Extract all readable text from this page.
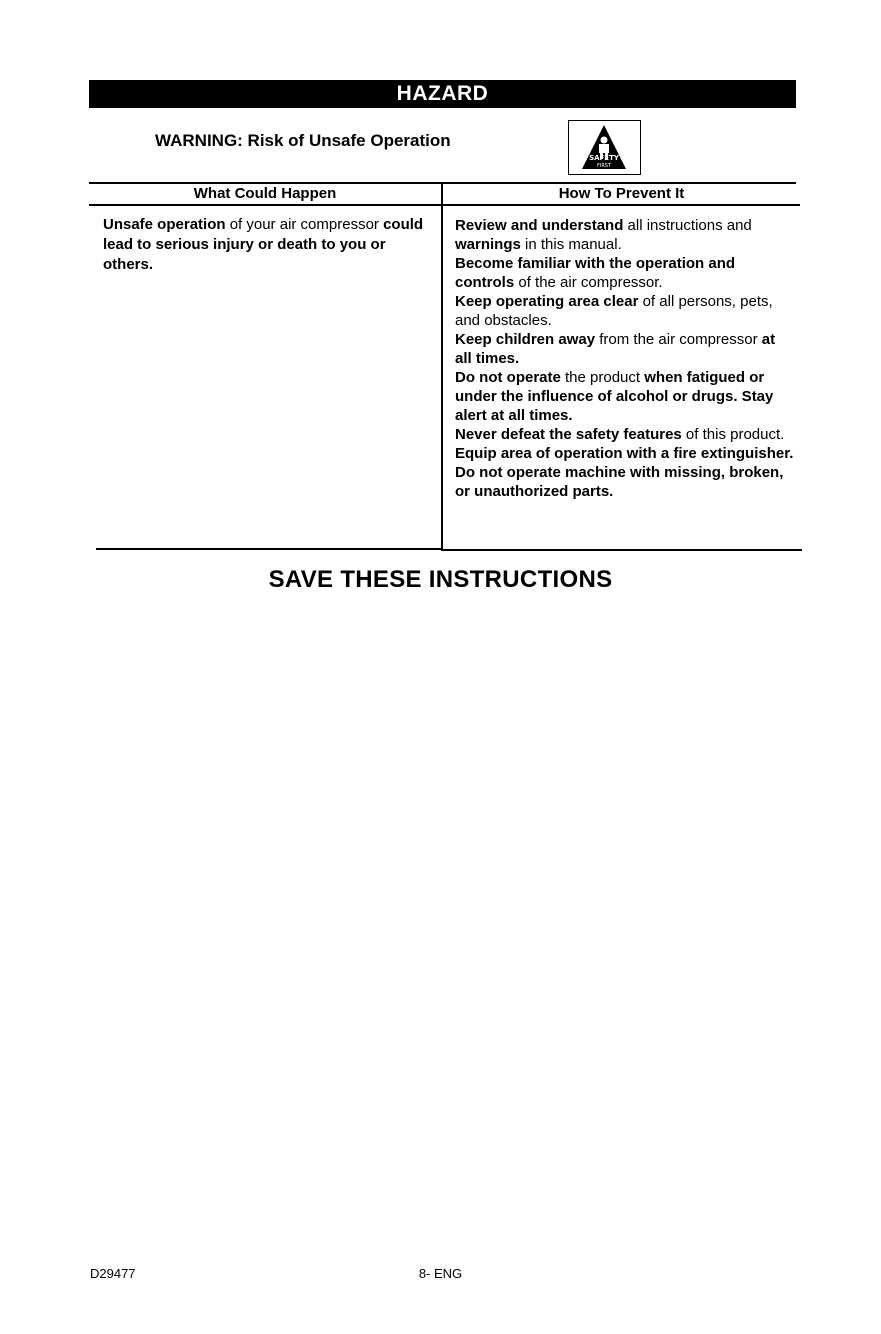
HAZARD
WARNING: Risk of Unsafe Operation
SAFETY
FIRST
What Could Happen	How To Prevent It
Unsafe operation of your air compressor could lead to serious injury or death to you or others.

Review and understand all instructions and warnings in this manual.

Become familiar with the operation and controls of the air compressor.

Keep operating area clear of all persons, pets, and obstacles.

Keep children away from the air compressor at all times.

Do not operate the product when fatigued or under the influence of alcohol or drugs. Stay alert at all times.

Never defeat the safety features of this product.

Equip area of operation with a fire extinguisher.

Do not operate machine with missing, broken, or unauthorized parts.

SAVE THESE INSTRUCTIONS
D29477	8- ENG
